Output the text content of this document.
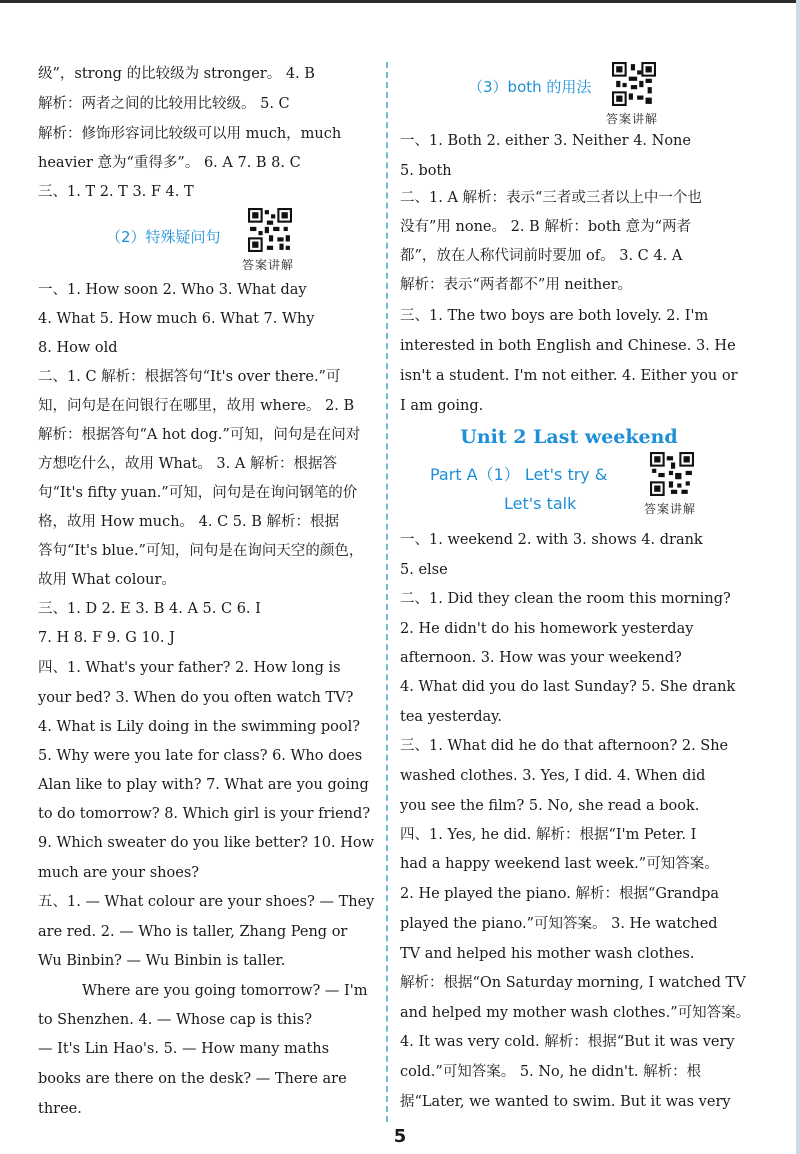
级”，strong 的比较级为 stronger。 4. B
解析：两者之间的比较用比较级。 5. C
解析：修饰形容词比较级可以用 much，much
heavier 意为“重得多”。 6. A 7. B 8. C
三、1. T 2. T 3. F 4. T
（2）特殊疑问句
答案讲解
一、1. How soon 2. Who 3. What day
4. What 5. How much 6. What 7. Why
8. How old
二、1. C 解析：根据答句“It's over there.”可
知，问句是在问银行在哪里，故用 where。 2. B
解析：根据答句“A hot dog.”可知，问句是在问对
方想吃什么，故用 What。 3. A 解析：根据答
句“It's fifty yuan.”可知，问句是在询问钢笔的价
格，故用 How much。 4. C 5. B 解析：根据
答句“It's blue.”可知，问句是在询问天空的颜色，
故用 What colour。
三、1. D 2. E 3. B 4. A 5. C 6. I
7. H 8. F 9. G 10. J
四、1. What's your father? 2. How long is
your bed? 3. When do you often watch TV?
4. What is Lily doing in the swimming pool?
5. Why were you late for class? 6. Who does
Alan like to play with? 7. What are you going
to do tomorrow? 8. Which girl is your friend?
9. Which sweater do you like better? 10. How
much are your shoes?
五、1. — What colour are your shoes? — They
are red. 2. — Who is taller, Zhang Peng or
Wu Binbin? — Wu Binbin is taller.
Where are you going tomorrow? — I'm
to Shenzhen. 4. — Whose cap is this?
— It's Lin Hao's. 5. — How many maths
books are there on the desk? — There are
three.
（3）both 的用法
答案讲解
一、1. Both 2. either 3. Neither 4. None
5. both
二、1. A 解析：表示“三者或三者以上中一个也
没有”用 none。 2. B 解析：both 意为“两者
都”，放在人称代词前时要加 of。 3. C 4. A
解析：表示“两者都不”用 neither。
三、1. The two boys are both lovely. 2. I'm
interested in both English and Chinese. 3. He
isn't a student. I'm not either. 4. Either you or
I am going.
Unit 2 Last weekend
Part A（1） Let's try &
Let's talk	答案讲解
一、1. weekend 2. with 3. shows 4. drank
5. else
二、1. Did they clean the room this morning?
2. He didn't do his homework yesterday
afternoon. 3. How was your weekend?
4. What did you do last Sunday? 5. She drank
tea yesterday.
三、1. What did he do that afternoon? 2. She
washed clothes. 3. Yes, I did. 4. When did
you see the film? 5. No, she read a book.
四、1. Yes, he did. 解析：根据“I'm Peter. I
had a happy weekend last week.”可知答案。
2. He played the piano. 解析：根据“Grandpa
played the piano.”可知答案。 3. He watched
TV and helped his mother wash clothes.
解析：根据“On Saturday morning, I watched TV
and helped my mother wash clothes.”可知答案。
4. It was very cold. 解析：根据“But it was very
cold.”可知答案。 5. No, he didn't. 解析：根
据“Later, we wanted to swim. But it was very
5
